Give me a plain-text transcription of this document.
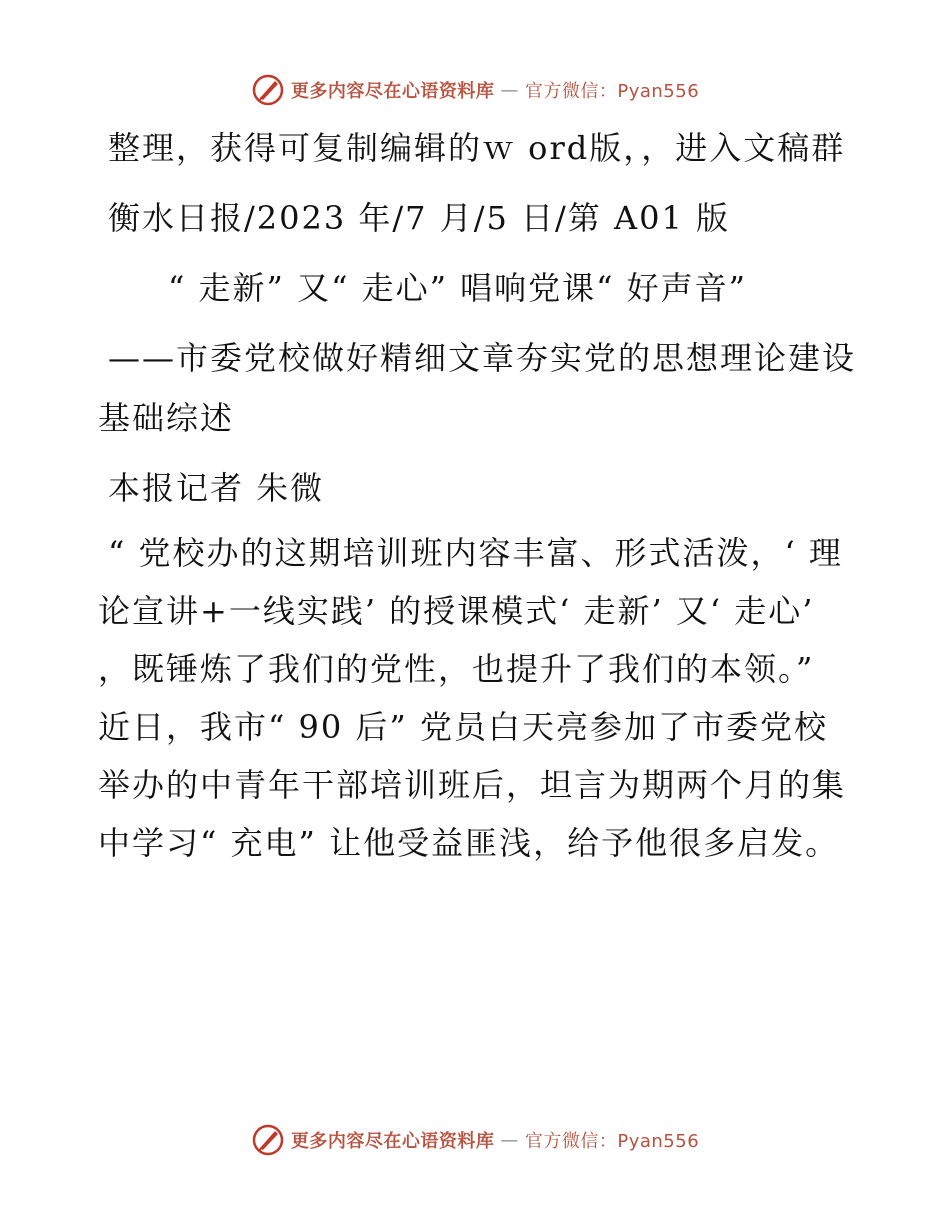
更多内容尽在心语资料库 — 官方微信：Pyan556

整理，获得可复制编辑的ｗ ord版，，进入文稿群

衡水日报/2023 年/7 月/5 日/第 A01 版

“ 走新” 又“ 走心” 唱响党课“ 好声音”

——市委党校做好精细文章夯实党的思想理论建设基础综述

本报记者 朱微

“ 党校办的这期培训班内容丰富、形式活泼，‘ 理论宣讲+一线实践’ 的授课模式‘ 走新’ 又‘ 走心’ ，既锤炼了我们的党性，也提升了我们的本领。” 近日，我市“ 90 后” 党员白天亮参加了市委党校举办的中青年干部培训班后，坦言为期两个月的集中学习“ 充电” 让他受益匪浅，给予他很多启发。

更多内容尽在心语资料库 — 官方微信：Pyan556
